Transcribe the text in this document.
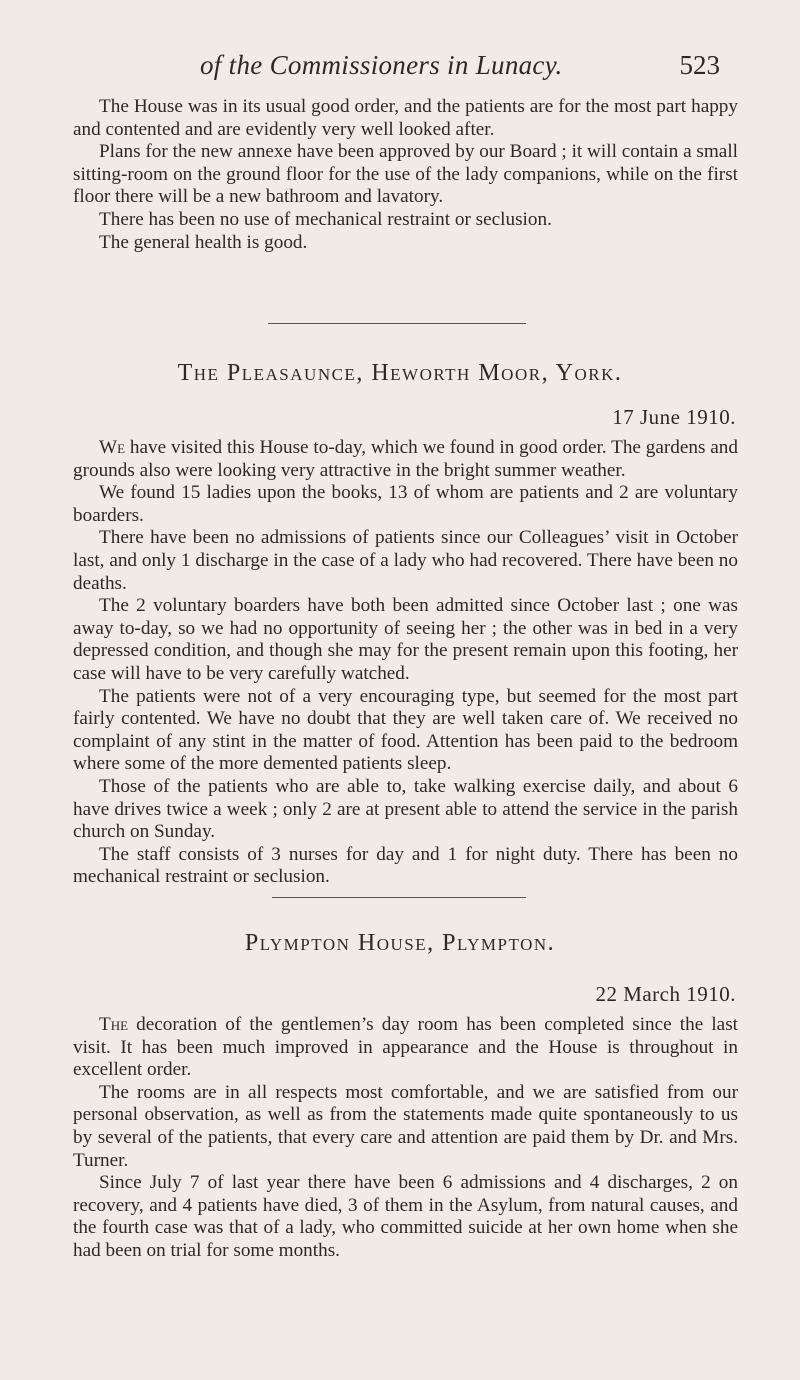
of the Commissioners in Lunacy.	523

The House was in its usual good order, and the patients are for the most part happy and contented and are evidently very well looked after.

Plans for the new annexe have been approved by our Board ; it will contain a small sitting-room on the ground floor for the use of the lady companions, while on the first floor there will be a new bathroom and lavatory.

There has been no use of mechanical restraint or seclusion.

The general health is good.

The Pleasaunce, Heworth Moor, York.
17 June 1910.

We have visited this House to-day, which we found in good order. The gardens and grounds also were looking very attractive in the bright summer weather.

We found 15 ladies upon the books, 13 of whom are patients and 2 are voluntary boarders.

There have been no admissions of patients since our Colleagues’ visit in October last, and only 1 discharge in the case of a lady who had recovered. There have been no deaths.

The 2 voluntary boarders have both been admitted since October last ; one was away to-day, so we had no opportunity of seeing her ; the other was in bed in a very depressed condition, and though she may for the present remain upon this footing, her case will have to be very carefully watched.

The patients were not of a very encouraging type, but seemed for the most part fairly contented. We have no doubt that they are well taken care of. We received no complaint of any stint in the matter of food. Attention has been paid to the bedroom where some of the more demented patients sleep.

Those of the patients who are able to, take walking exercise daily, and about 6 have drives twice a week ; only 2 are at present able to attend the service in the parish church on Sunday.

The staff consists of 3 nurses for day and 1 for night duty. There has been no mechanical restraint or seclusion.

Plympton House, Plympton.
22 March 1910.

The decoration of the gentlemen’s day room has been completed since the last visit. It has been much improved in appearance and the House is throughout in excellent order.

The rooms are in all respects most comfortable, and we are satisfied from our personal observation, as well as from the statements made quite spontaneously to us by several of the patients, that every care and attention are paid them by Dr. and Mrs. Turner.

Since July 7 of last year there have been 6 admissions and 4 discharges, 2 on recovery, and 4 patients have died, 3 of them in the Asylum, from natural causes, and the fourth case was that of a lady, who committed suicide at her own home when she had been on trial for some months.
